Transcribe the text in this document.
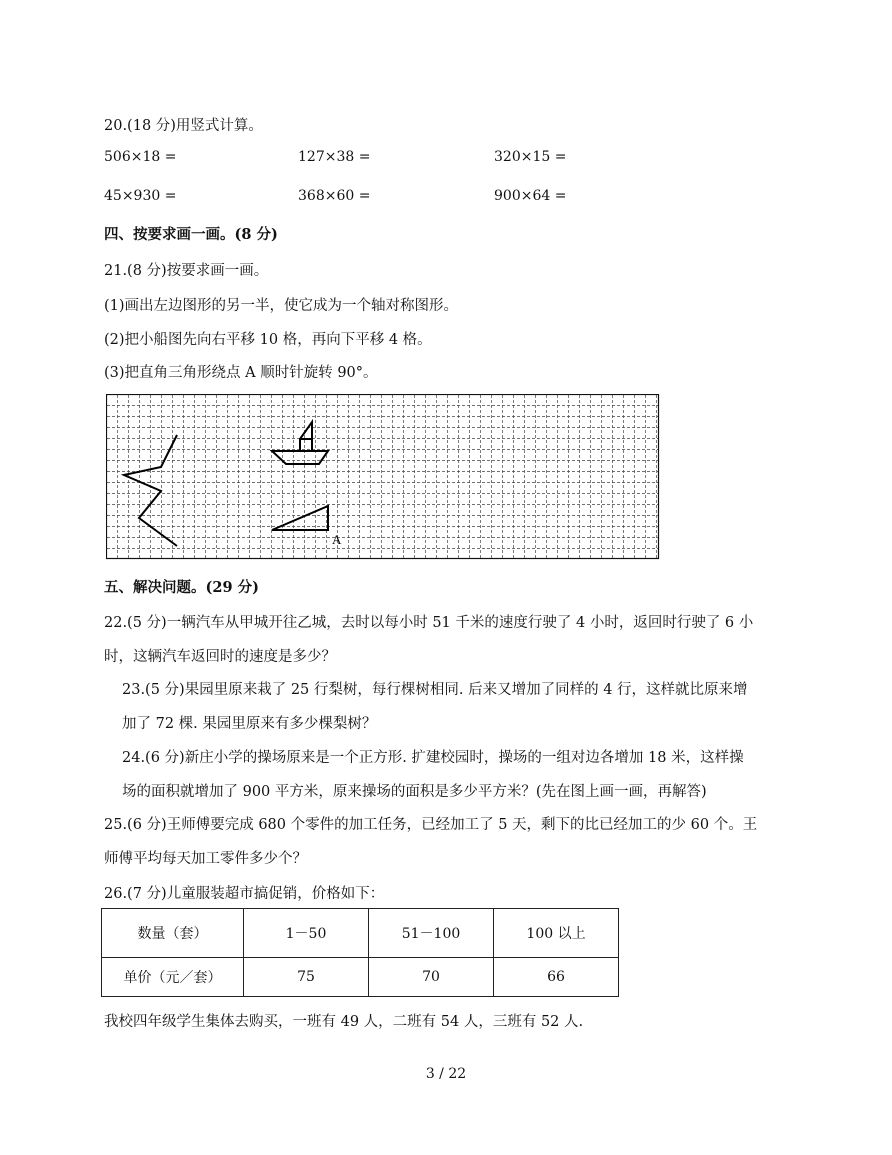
20.(18 分)用竖式计算。
506×18 =	127×38 =	320×15 =
45×930 =	368×60 =	900×64 =
四、按要求画一画。(8 分)
21.(8 分)按要求画一画。
(1)画出左边图形的另一半，使它成为一个轴对称图形。
(2)把小船图先向右平移 10 格，再向下平移 4 格。
(3)把直角三角形绕点 A 顺时针旋转 90°。
A
五、解决问题。(29 分)
22.(5 分)一辆汽车从甲城开往乙城，去时以每小时 51 千米的速度行驶了 4 小时，返回时行驶了 6 小
时，这辆汽车返回时的速度是多少？
23.(5 分)果园里原来栽了 25 行梨树，每行棵树相同. 后来又增加了同样的 4 行，这样就比原来增
加了 72 棵. 果园里原来有多少棵梨树？
24.(6 分)新庄小学的操场原来是一个正方形. 扩建校园时，操场的一组对边各增加 18 米，这样操
场的面积就增加了 900 平方米，原来操场的面积是多少平方米？(先在图上画一画，再解答)
25.(6 分)王师傅要完成 680 个零件的加工任务，已经加工了 5 天，剩下的比已经加工的少 60 个。王
师傅平均每天加工零件多少个？
26.(7 分)儿童服装超市搞促销，价格如下：
数量（套）	1－50	51－100	100 以上
单价（元／套）	75	70	66
我校四年级学生集体去购买，一班有 49 人，二班有 54 人，三班有 52 人.
3 / 22
